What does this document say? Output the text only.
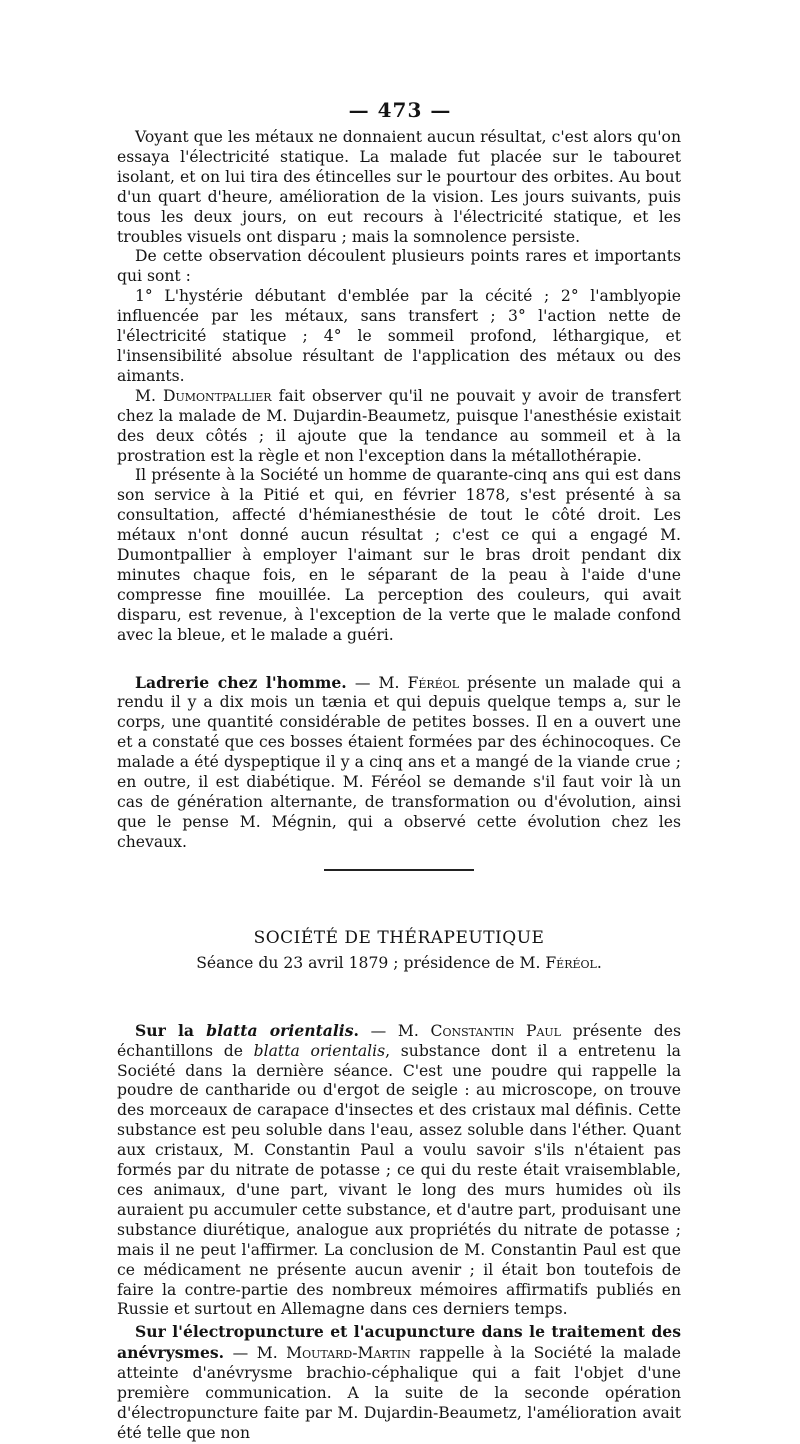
— 473 —

Voyant que les métaux ne donnaient aucun résultat, c'est alors qu'on essaya l'électricité statique. La malade fut placée sur le tabouret isolant, et on lui tira des étincelles sur le pourtour des orbites. Au bout d'un quart d'heure, amélioration de la vision. Les jours suivants, puis tous les deux jours, on eut recours à l'électricité statique, et les troubles visuels ont disparu ; mais la somnolence persiste.

De cette observation découlent plusieurs points rares et importants qui sont :

1° L'hystérie débutant d'emblée par la cécité ; 2° l'amblyopie influencée par les métaux, sans transfert ; 3° l'action nette de l'électricité statique ; 4° le sommeil profond, léthargique, et l'insensibilité absolue résultant de l'application des métaux ou des aimants.

M. Dumontpallier fait observer qu'il ne pouvait y avoir de transfert chez la malade de M. Dujardin-Beaumetz, puisque l'anesthésie existait des deux côtés ; il ajoute que la tendance au sommeil et à la prostration est la règle et non l'exception dans la métallothérapie.

Il présente à la Société un homme de quarante-cinq ans qui est dans son service à la Pitié et qui, en février 1878, s'est présenté à sa consultation, affecté d'hémianesthésie de tout le côté droit. Les métaux n'ont donné aucun résultat ; c'est ce qui a engagé M. Dumontpallier à employer l'aimant sur le bras droit pendant dix minutes chaque fois, en le séparant de la peau à l'aide d'une compresse fine mouillée. La perception des couleurs, qui avait disparu, est revenue, à l'exception de la verte que le malade confond avec la bleue, et le malade a guéri.

Ladrerie chez l'homme. — M. Féréol présente un malade qui a rendu il y a dix mois un tænia et qui depuis quelque temps a, sur le corps, une quantité considérable de petites bosses. Il en a ouvert une et a constaté que ces bosses étaient formées par des échinocoques. Ce malade a été dyspeptique il y a cinq ans et a mangé de la viande crue ; en outre, il est diabétique. M. Féréol se demande s'il faut voir là un cas de génération alternante, de transformation ou d'évolution, ainsi que le pense M. Mégnin, qui a observé cette évolution chez les chevaux.

SOCIÉTÉ DE THÉRAPEUTIQUE
Séance du 23 avril 1879 ; présidence de M. Féréol.

Sur la blatta orientalis. — M. Constantin Paul présente des échantillons de blatta orientalis, substance dont il a entretenu la Société dans la dernière séance. C'est une poudre qui rappelle la poudre de cantharide ou d'ergot de seigle : au microscope, on trouve des morceaux de carapace d'insectes et des cristaux mal définis. Cette substance est peu soluble dans l'eau, assez soluble dans l'éther. Quant aux cristaux, M. Constantin Paul a voulu savoir s'ils n'étaient pas formés par du nitrate de potasse ; ce qui du reste était vraisemblable, ces animaux, d'une part, vivant le long des murs humides où ils auraient pu accumuler cette substance, et d'autre part, produisant une substance diurétique, analogue aux propriétés du nitrate de potasse ; mais il ne peut l'affirmer. La conclusion de M. Constantin Paul est que ce médicament ne présente aucun avenir ; il était bon toutefois de faire la contre-partie des nombreux mémoires affirmatifs publiés en Russie et surtout en Allemagne dans ces derniers temps.

Sur l'électropuncture et l'acupuncture dans le traitement des anévrysmes. — M. Moutard-Martin rappelle à la Société la malade atteinte d'anévrysme brachio-céphalique qui a fait l'objet d'une première communication. A la suite de la seconde opération d'électropuncture faite par M. Dujardin-Beaumetz, l'amélioration avait été telle que non
